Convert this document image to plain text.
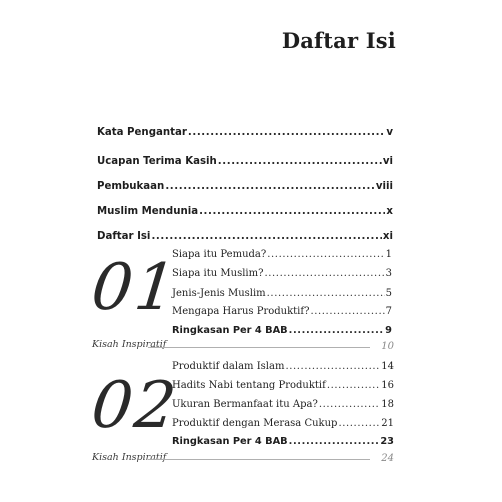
Daftar Isi
Kata Pengantar .....	v
Ucapan Terima Kasih .....	vi
Pembukaan .....	viii
Muslim Mendunia .....	x
Daftar Isi .....	xi
01
Siapa itu Pemuda? .....	1
Siapa itu Muslim? .....	3
Jenis-Jenis Muslim .....	5
Mengapa Harus Produktif? .....	7
Ringkasan Per 4 BAB .....	9
Kisah Inspiratif	10
02
Produktif dalam Islam .....	14
Hadits Nabi tentang Produktif .....	16
Ukuran Bermanfaat itu Apa? .....	18
Produktif dengan Merasa Cukup .....	21
Ringkasan Per 4 BAB .....	23
Kisah Inspiratif	24
